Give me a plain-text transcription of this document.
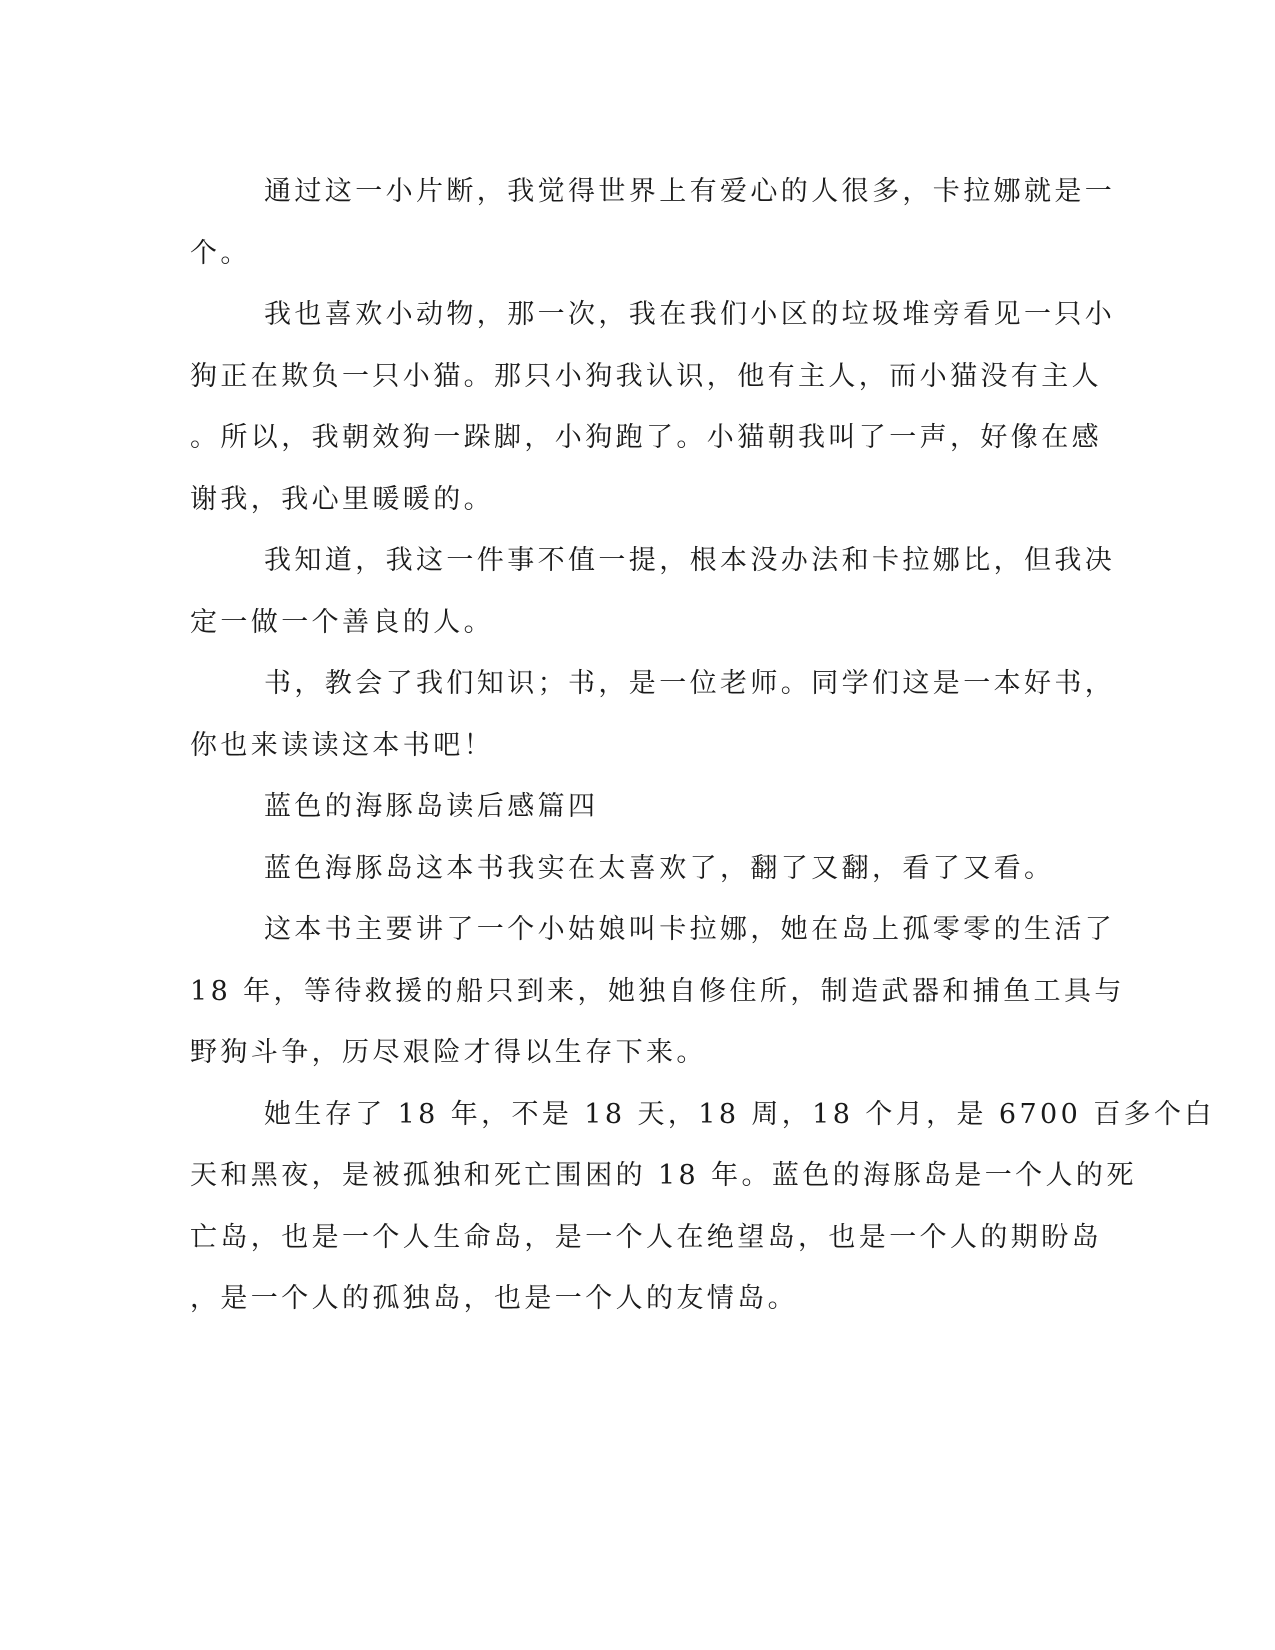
通过这一小片断，我觉得世界上有爱心的人很多，卡拉娜就是一
个。
我也喜欢小动物，那一次，我在我们小区的垃圾堆旁看见一只小
狗正在欺负一只小猫。那只小狗我认识，他有主人，而小猫没有主人
。所以，我朝效狗一跺脚，小狗跑了。小猫朝我叫了一声，好像在感
谢我，我心里暖暖的。
我知道，我这一件事不值一提，根本没办法和卡拉娜比，但我决
定一做一个善良的人。
书，教会了我们知识；书，是一位老师。同学们这是一本好书，
你也来读读这本书吧！
蓝色的海豚岛读后感篇四
蓝色海豚岛这本书我实在太喜欢了，翻了又翻，看了又看。
这本书主要讲了一个小姑娘叫卡拉娜，她在岛上孤零零的生活了
18 年，等待救援的船只到来，她独自修住所，制造武器和捕鱼工具与
野狗斗争，历尽艰险才得以生存下来。
她生存了 18 年，不是 18 天，18 周，18 个月，是 6700 百多个白
天和黑夜，是被孤独和死亡围困的 18 年。蓝色的海豚岛是一个人的死
亡岛，也是一个人生命岛，是一个人在绝望岛，也是一个人的期盼岛
，是一个人的孤独岛，也是一个人的友情岛。
